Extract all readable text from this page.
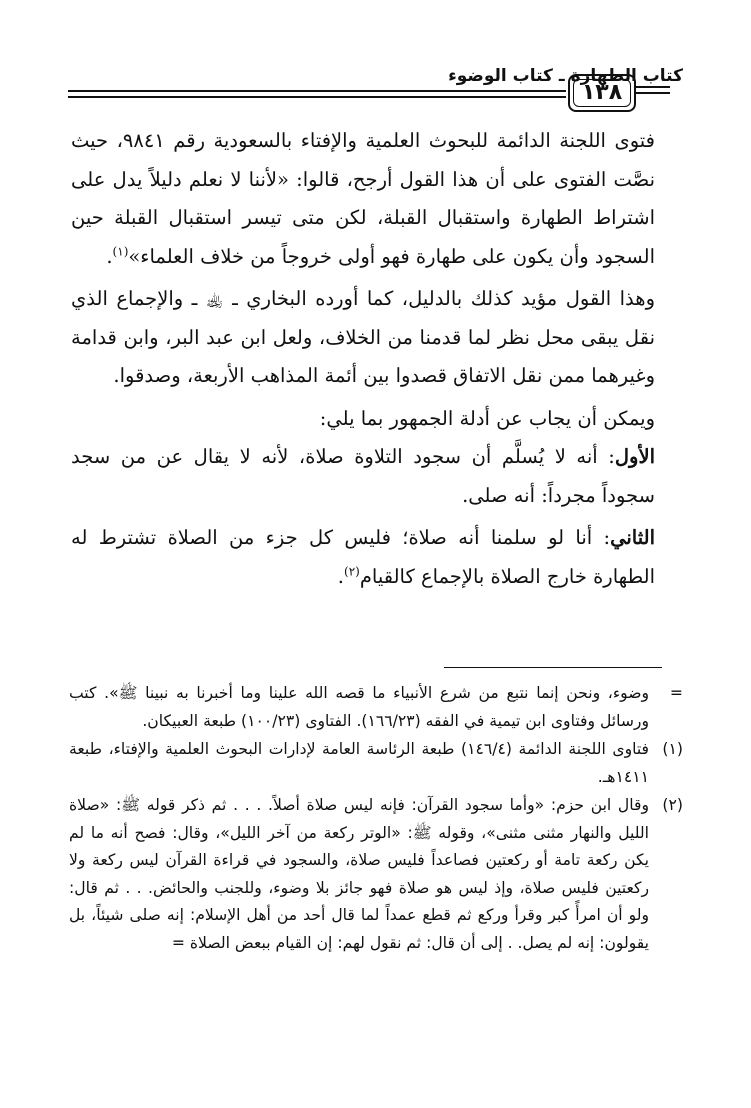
كتاب الطهارة ـ كتاب الوضوء
١٣٨

فتوى اللجنة الدائمة للبحوث العلمية والإفتاء بالسعودية رقم ٩٨٤١، حيث نصَّت الفتوى على أن هذا القول أرجح، قالوا: «لأننا لا نعلم دليلاً يدل على اشتراط الطهارة واستقبال القبلة، لكن متى تيسر استقبال القبلة حين السجود وأن يكون على طهارة فهو أولى خروجاً من خلاف العلماء»$^{(١)}$.

وهذا القول مؤيد كذلك بالدليل، كما أورده البخاري ـ ﵀ ـ والإجماع الذي نقل يبقى محل نظر لما قدمنا من الخلاف، ولعل ابن عبد البر، وابن قدامة وغيرهما ممن نقل الاتفاق قصدوا بين أئمة المذاهب الأربعة، وصدقوا.

ويمكن أن يجاب عن أدلة الجمهور بما يلي:

الأول: أنه لا يُسلَّم أن سجود التلاوة صلاة، لأنه لا يقال عن من سجد سجوداً مجرداً: أنه صلى.

الثاني: أنا لو سلمنا أنه صلاة؛ فليس كل جزء من الصلاة تشترط له الطهارة خارج الصلاة بالإجماع كالقيام$^{(٢)}$.

=
وضوء، ونحن إنما نتبع من شرع الأنبياء ما قصه الله علينا وما أخبرنا به نبينا ﷺ». كتب ورسائل وفتاوى ابن تيمية في الفقه (١٦٦/٢٣). الفتاوى (١٠٠/٢٣) طبعة العبيكان.
(١)
فتاوى اللجنة الدائمة (١٤٦/٤) طبعة الرئاسة العامة لإدارات البحوث العلمية والإفتاء، طبعة ١٤١١هـ.
(٢)
وقال ابن حزم: «وأما سجود القرآن: فإنه ليس صلاة أصلاً. . . . ثم ذكر قوله ﷺ: «صلاة الليل والنهار مثنى مثنى»، وقوله ﷺ: «الوتر ركعة من آخر الليل»، وقال: فصح أنه ما لم يكن ركعة تامة أو ركعتين فصاعداً فليس صلاة، والسجود في قراءة القرآن ليس ركعة ولا ركعتين فليس صلاة، وإذ ليس هو صلاة فهو جائز بلا وضوء، وللجنب والحائض. . . ثم قال: ولو أن امرأً كبر وقرأ وركع ثم قطع عمداً لما قال أحد من أهل الإسلام: إنه صلى شيئاً، بل يقولون: إنه لم يصل. . إلى أن قال: ثم نقول لهم: إن القيام ببعض الصلاة =
